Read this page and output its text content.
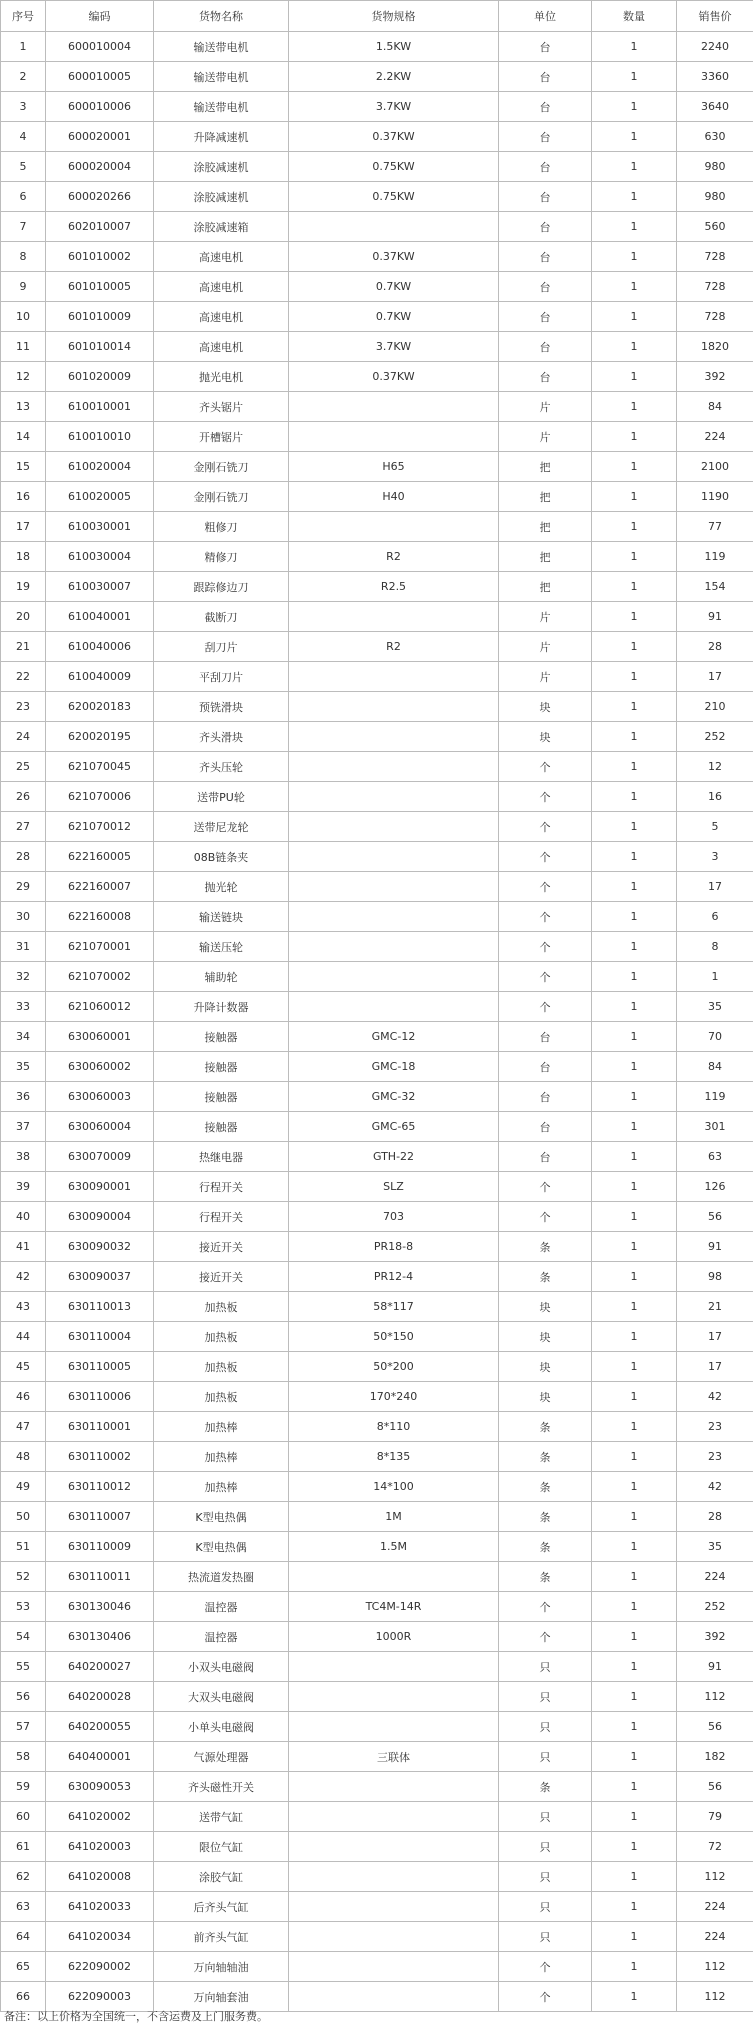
序号	编码	货物名称	货物规格	单位	数量	销售价
1	600010004	输送带电机	1.5KW	台	1	2240
2	600010005	输送带电机	2.2KW	台	1	3360
3	600010006	输送带电机	3.7KW	台	1	3640
4	600020001	升降减速机	0.37KW	台	1	630
5	600020004	涂胶减速机	0.75KW	台	1	980
6	600020266	涂胶减速机	0.75KW	台	1	980
7	602010007	涂胶减速箱		台	1	560
8	601010002	高速电机	0.37KW	台	1	728
9	601010005	高速电机	0.7KW	台	1	728
10	601010009	高速电机	0.7KW	台	1	728
11	601010014	高速电机	3.7KW	台	1	1820
12	601020009	抛光电机	0.37KW	台	1	392
13	610010001	齐头锯片		片	1	84
14	610010010	开槽锯片		片	1	224
15	610020004	金刚石铣刀	H65	把	1	2100
16	610020005	金刚石铣刀	H40	把	1	1190
17	610030001	粗修刀		把	1	77
18	610030004	精修刀	R2	把	1	119
19	610030007	跟踪修边刀	R2.5	把	1	154
20	610040001	截断刀		片	1	91
21	610040006	刮刀片	R2	片	1	28
22	610040009	平刮刀片		片	1	17
23	620020183	预铣滑块		块	1	210
24	620020195	齐头滑块		块	1	252
25	621070045	齐头压轮		个	1	12
26	621070006	送带PU轮		个	1	16
27	621070012	送带尼龙轮		个	1	5
28	622160005	08B链条夹		个	1	3
29	622160007	抛光轮		个	1	17
30	622160008	输送链块		个	1	6
31	621070001	输送压轮		个	1	8
32	621070002	辅助轮		个	1	1
33	621060012	升降计数器		个	1	35
34	630060001	接触器	GMC-12	台	1	70
35	630060002	接触器	GMC-18	台	1	84
36	630060003	接触器	GMC-32	台	1	119
37	630060004	接触器	GMC-65	台	1	301
38	630070009	热继电器	GTH-22	台	1	63
39	630090001	行程开关	SLZ	个	1	126
40	630090004	行程开关	703	个	1	56
41	630090032	接近开关	PR18-8	条	1	91
42	630090037	接近开关	PR12-4	条	1	98
43	630110013	加热板	58*117	块	1	21
44	630110004	加热板	50*150	块	1	17
45	630110005	加热板	50*200	块	1	17
46	630110006	加热板	170*240	块	1	42
47	630110001	加热棒	8*110	条	1	23
48	630110002	加热棒	8*135	条	1	23
49	630110012	加热棒	14*100	条	1	42
50	630110007	K型电热偶	1M	条	1	28
51	630110009	K型电热偶	1.5M	条	1	35
52	630110011	热流道发热圈		条	1	224
53	630130046	温控器	TC4M-14R	个	1	252
54	630130406	温控器	1000R	个	1	392
55	640200027	小双头电磁阀		只	1	91
56	640200028	大双头电磁阀		只	1	112
57	640200055	小单头电磁阀		只	1	56
58	640400001	气源处理器	三联体	只	1	182
59	630090053	齐头磁性开关		条	1	56
60	641020002	送带气缸		只	1	79
61	641020003	限位气缸		只	1	72
62	641020008	涂胶气缸		只	1	112
63	641020033	后齐头气缸		只	1	224
64	641020034	前齐头气缸		只	1	224
65	622090002	万向轴轴油		个	1	112
66	622090003	万向轴套油		个	1	112
备注：以上价格为全国统一，不含运费及上门服务费。
